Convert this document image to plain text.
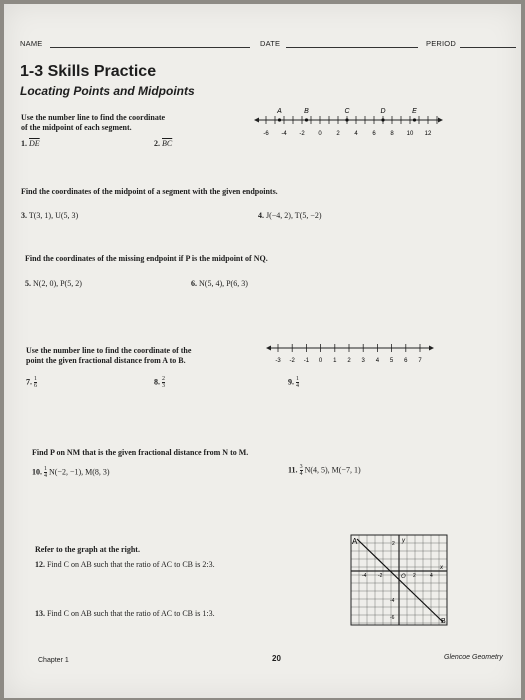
NAME	DATE	PERIOD
1-3 Skills Practice
Locating Points and Midpoints
Use the number line to find the coordinate
of the midpoint of each segment.
1. $\overline{DE}$	2. $\overline{BC}$
-6 -4 -2 0 2 4 6 8 10 12
A	B	C	D	E
Find the coordinates of the midpoint of a segment with the given endpoints.
3. T(3, 1), U(5, 3)	4. J(−4, 2), T(5, −2)
Find the coordinates of the missing endpoint if P is the midpoint of NQ.
5. N(2, 0), P(5, 2)	6. N(5, 4), P(6, 3)
Use the number line to find the coordinate of the
point the given fractional distance from A to B.	-3 -2 -1 0 1 2 3 4 5 6 7
7. $\frac{1}{6}$	8. $\frac{2}{3}$	9. $\frac{1}{4}$
Find P on NM that is the given fractional distance from N to M.
10. $\frac{1}{4} N(-2$, −1), M(8, 3)	11. $\frac{3}{4} N(4$, 5), M(−7, 1)
Refer to the graph at the right.
12. Find C on AB such that the ratio of AC to CB is 2:3.
13. Find C on AB such that the ratio of AC to CB is 1:3.
A
B
O
y
x
2
-6
-4
-4 -2	2	4
Chapter 1	20	Glencoe Geometry
